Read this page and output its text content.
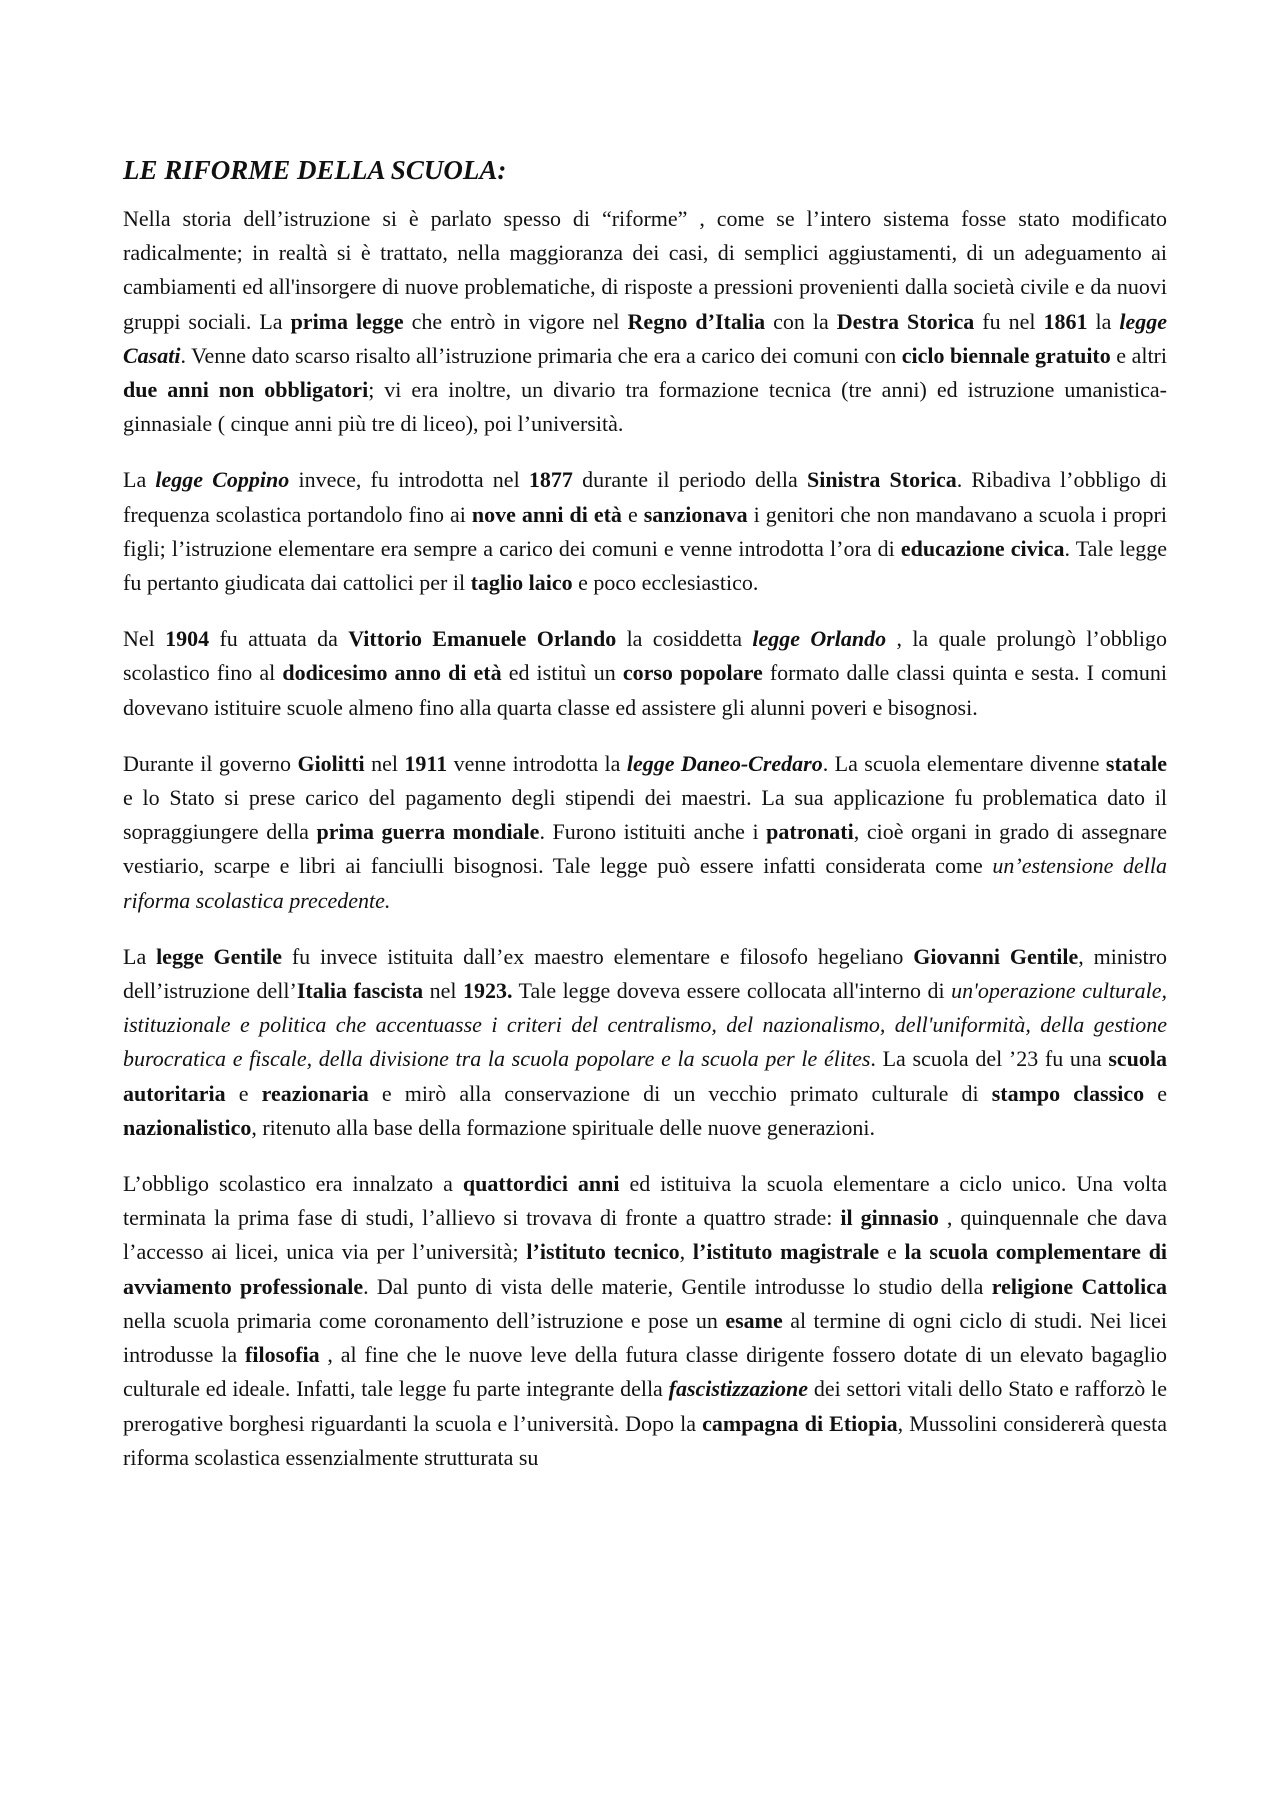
LE RIFORME DELLA SCUOLA:

Nella storia dell’istruzione si è parlato spesso di “riforme” , come se l’intero sistema fosse stato modificato radicalmente; in realtà si è trattato, nella maggioranza dei casi, di semplici aggiustamenti, di un adeguamento ai cambiamenti ed all'insorgere di nuove problematiche, di risposte a pressioni provenienti dalla società civile e da nuovi gruppi sociali. La prima legge che entrò in vigore nel Regno d’Italia con la Destra Storica fu nel 1861 la legge Casati. Venne dato scarso risalto all’istruzione primaria che era a carico dei comuni con ciclo biennale gratuito e altri due anni non obbligatori; vi era inoltre, un divario tra formazione tecnica (tre anni) ed istruzione umanistica-ginnasiale ( cinque anni più tre di liceo), poi l’università.

La legge Coppino invece, fu introdotta nel 1877 durante il periodo della Sinistra Storica. Ribadiva l’obbligo di frequenza scolastica portandolo fino ai nove anni di età e sanzionava i genitori che non mandavano a scuola i propri figli; l’istruzione elementare era sempre a carico dei comuni e venne introdotta l’ora di educazione civica. Tale legge fu pertanto giudicata dai cattolici per il taglio laico e poco ecclesiastico.

Nel 1904 fu attuata da Vittorio Emanuele Orlando la cosiddetta legge Orlando , la quale prolungò l’obbligo scolastico fino al dodicesimo anno di età ed istituì un corso popolare formato dalle classi quinta e sesta. I comuni dovevano istituire scuole almeno fino alla quarta classe ed assistere gli alunni poveri e bisognosi.

Durante il governo Giolitti nel 1911 venne introdotta la legge Daneo-Credaro. La scuola elementare divenne statale e lo Stato si prese carico del pagamento degli stipendi dei maestri. La sua applicazione fu problematica dato il sopraggiungere della prima guerra mondiale. Furono istituiti anche i patronati, cioè organi in grado di assegnare vestiario, scarpe e libri ai fanciulli bisognosi. Tale legge può essere infatti considerata come un’estensione della riforma scolastica precedente.

La legge Gentile fu invece istituita dall’ex maestro elementare e filosofo hegeliano Giovanni Gentile, ministro dell’istruzione dell’Italia fascista nel 1923. Tale legge doveva essere collocata all'interno di un'operazione culturale, istituzionale e politica che accentuasse i criteri del centralismo, del nazionalismo, dell'uniformità, della gestione burocratica e fiscale, della divisione tra la scuola popolare e la scuola per le élites. La scuola del ’23 fu una scuola autoritaria e reazionaria e mirò alla conservazione di un vecchio primato culturale di stampo classico e nazionalistico, ritenuto alla base della formazione spirituale delle nuove generazioni.

L’obbligo scolastico era innalzato a quattordici anni ed istituiva la scuola elementare a ciclo unico. Una volta terminata la prima fase di studi, l’allievo si trovava di fronte a quattro strade: il ginnasio , quinquennale che dava l’accesso ai licei, unica via per l’università; l’istituto tecnico, l’istituto magistrale e la scuola complementare di avviamento professionale. Dal punto di vista delle materie, Gentile introdusse lo studio della religione Cattolica nella scuola primaria come coronamento dell’istruzione e pose un esame al termine di ogni ciclo di studi. Nei licei introdusse la filosofia , al fine che le nuove leve della futura classe dirigente fossero dotate di un elevato bagaglio culturale ed ideale. Infatti, tale legge fu parte integrante della fascistizzazione dei settori vitali dello Stato e rafforzò le prerogative borghesi riguardanti la scuola e l’università. Dopo la campagna di Etiopia, Mussolini considererà questa riforma scolastica essenzialmente strutturata su
